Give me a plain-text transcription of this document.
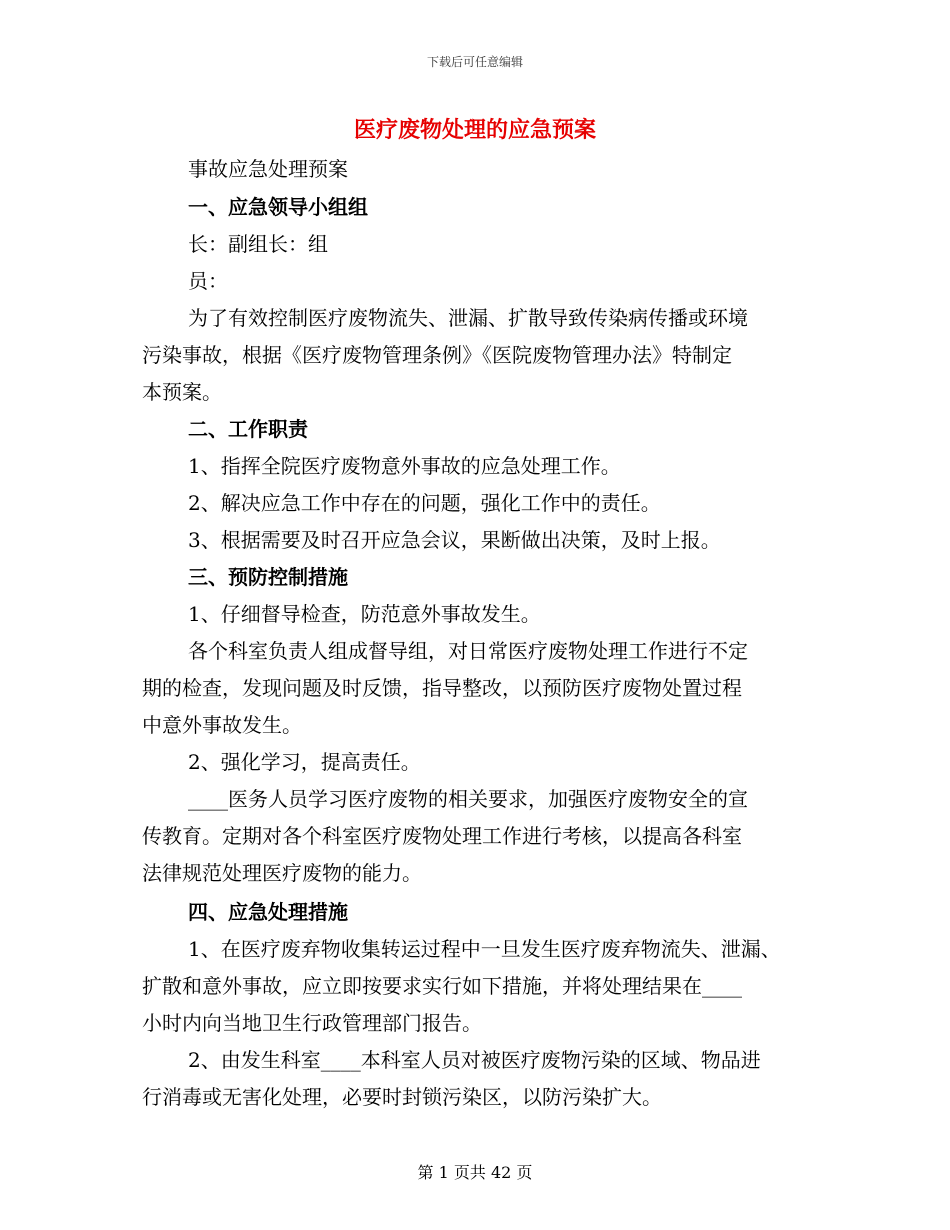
下载后可任意编辑
医疗废物处理的应急预案
事故应急处理预案
一、应急领导小组组
长：副组长：组
员：
为了有效控制医疗废物流失、泄漏、扩散导致传染病传播或环境
污染事故，根据《医疗废物管理条例》《医院废物管理办法》特制定
本预案。
二、工作职责
1、指挥全院医疗废物意外事故的应急处理工作。
2、解决应急工作中存在的问题，强化工作中的责任。
3、根据需要及时召开应急会议，果断做出决策，及时上报。
三、预防控制措施
1、仔细督导检查，防范意外事故发生。
各个科室负责人组成督导组，对日常医疗废物处理工作进行不定
期的检查，发现问题及时反馈，指导整改，以预防医疗废物处置过程
中意外事故发生。
2、强化学习，提高责任。
____医务人员学习医疗废物的相关要求，加强医疗废物安全的宣
传教育。定期对各个科室医疗废物处理工作进行考核，以提高各科室
法律规范处理医疗废物的能力。
四、应急处理措施
1、在医疗废弃物收集转运过程中一旦发生医疗废弃物流失、泄漏、
扩散和意外事故，应立即按要求实行如下措施，并将处理结果在____
小时内向当地卫生行政管理部门报告。
2、由发生科室____本科室人员对被医疗废物污染的区域、物品进
行消毒或无害化处理，必要时封锁污染区，以防污染扩大。
第 1 页共 42 页
